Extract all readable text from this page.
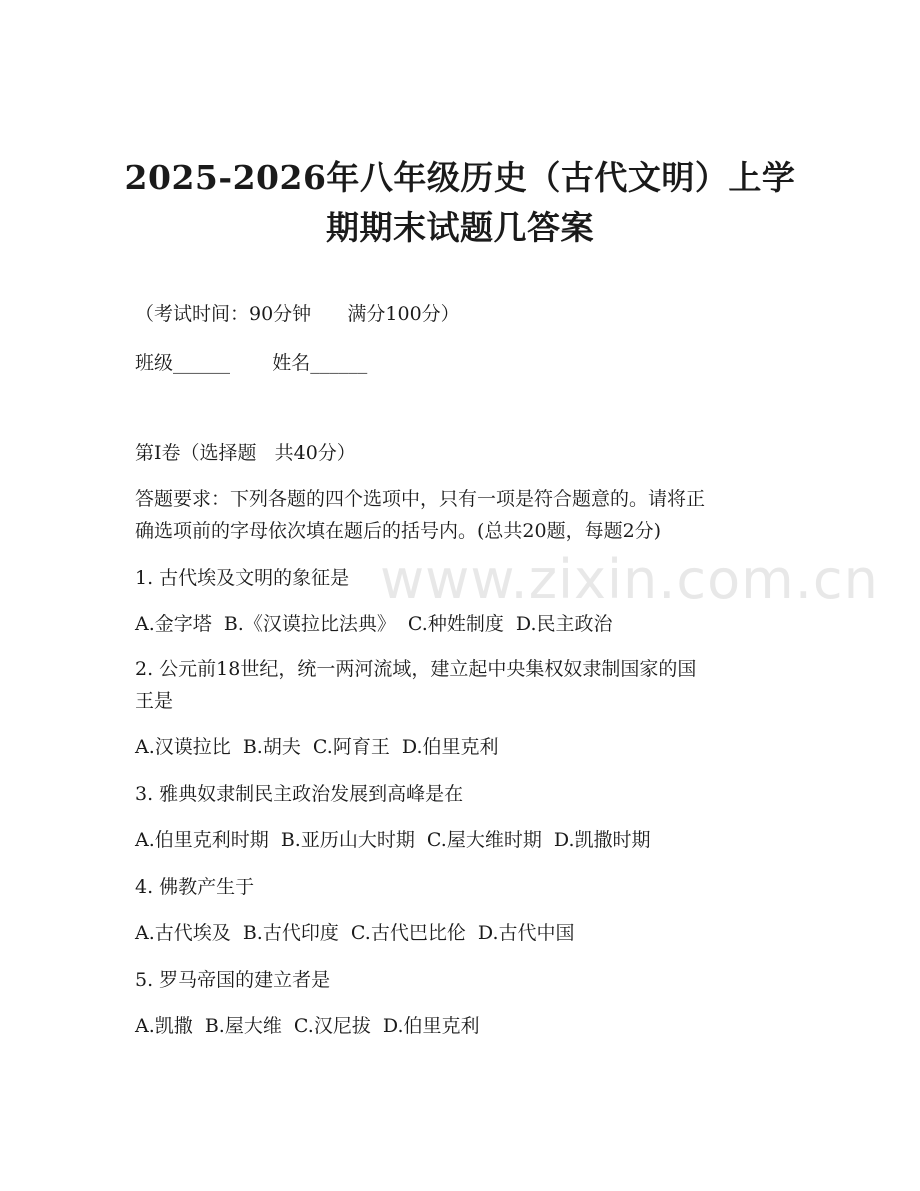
2025-2026年八年级历史（古代文明）上学
期期末试题几答案
（考试时间：90分钟      满分100分）
班级______       姓名______
第Ⅰ卷（选择题   共40分）
答题要求：下列各题的四个选项中，只有一项是符合题意的。请将正
确选项前的字母依次填在题后的括号内。(总共20题，每题2分)
1. 古代埃及文明的象征是
A.金字塔  B.《汉谟拉比法典》  C.种姓制度  D.民主政治
2. 公元前18世纪，统一两河流域，建立起中央集权奴隶制国家的国
王是
A.汉谟拉比  B.胡夫  C.阿育王  D.伯里克利
3. 雅典奴隶制民主政治发展到高峰是在
A.伯里克利时期  B.亚历山大时期  C.屋大维时期  D.凯撒时期
4. 佛教产生于
A.古代埃及  B.古代印度  C.古代巴比伦  D.古代中国
5. 罗马帝国的建立者是
A.凯撒  B.屋大维  C.汉尼拔  D.伯里克利
www.zixin.com.cn
